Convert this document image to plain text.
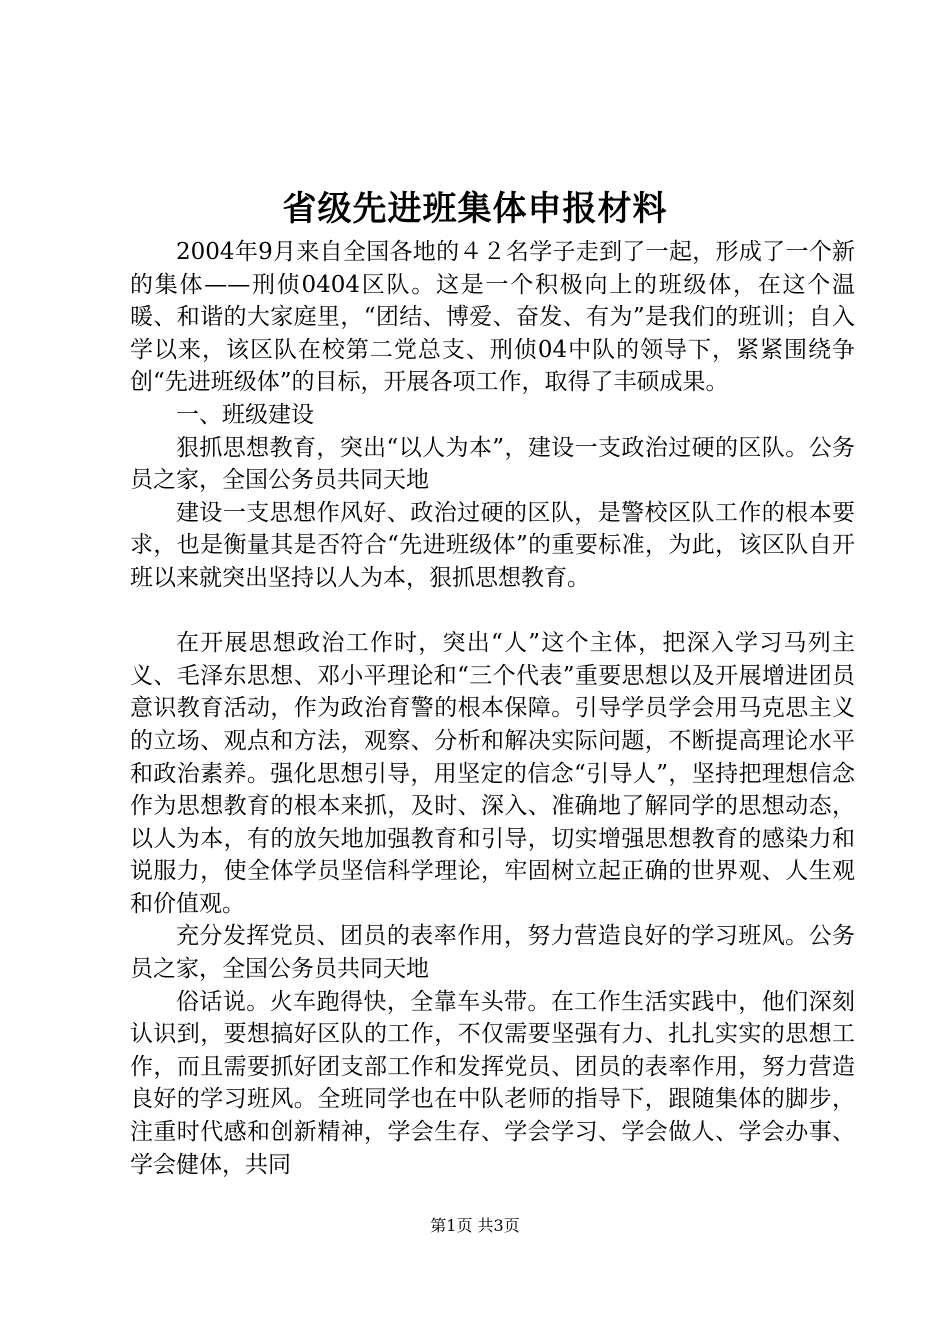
省级先进班集体申报材料

2004年9月来自全国各地的４２名学子走到了一起，形成了一个新的集体——刑侦0404区队。这是一个积极向上的班级体，在这个温暖、和谐的大家庭里，“团结、博爱、奋发、有为”是我们的班训；自入学以来，该区队在校第二党总支、刑侦04中队的领导下，紧紧围绕争创“先进班级体”的目标，开展各项工作，取得了丰硕成果。

一、班级建设

狠抓思想教育，突出“以人为本”，建设一支政治过硬的区队。公务员之家，全国公务员共同天地

建设一支思想作风好、政治过硬的区队，是警校区队工作的根本要求，也是衡量其是否符合“先进班级体”的重要标准，为此，该区队自开班以来就突出坚持以人为本，狠抓思想教育。

在开展思想政治工作时，突出“人”这个主体，把深入学习马列主义、毛泽东思想、邓小平理论和“三个代表”重要思想以及开展增进团员意识教育活动，作为政治育警的根本保障。引导学员学会用马克思主义的立场、观点和方法，观察、分析和解决实际问题，不断提高理论水平和政治素养。强化思想引导，用坚定的信念“引导人”，坚持把理想信念作为思想教育的根本来抓，及时、深入、准确地了解同学的思想动态，以人为本，有的放矢地加强教育和引导，切实增强思想教育的感染力和说服力，使全体学员坚信科学理论，牢固树立起正确的世界观、人生观和价值观。

充分发挥党员、团员的表率作用，努力营造良好的学习班风。公务员之家，全国公务员共同天地

俗话说。火车跑得快，全靠车头带。在工作生活实践中，他们深刻认识到，要想搞好区队的工作，不仅需要坚强有力、扎扎实实的思想工作，而且需要抓好团支部工作和发挥党员、团员的表率作用，努力营造良好的学习班风。全班同学也在中队老师的指导下，跟随集体的脚步，注重时代感和创新精神，学会生存、学会学习、学会做人、学会办事、学会健体，共同

第1页 共3页
